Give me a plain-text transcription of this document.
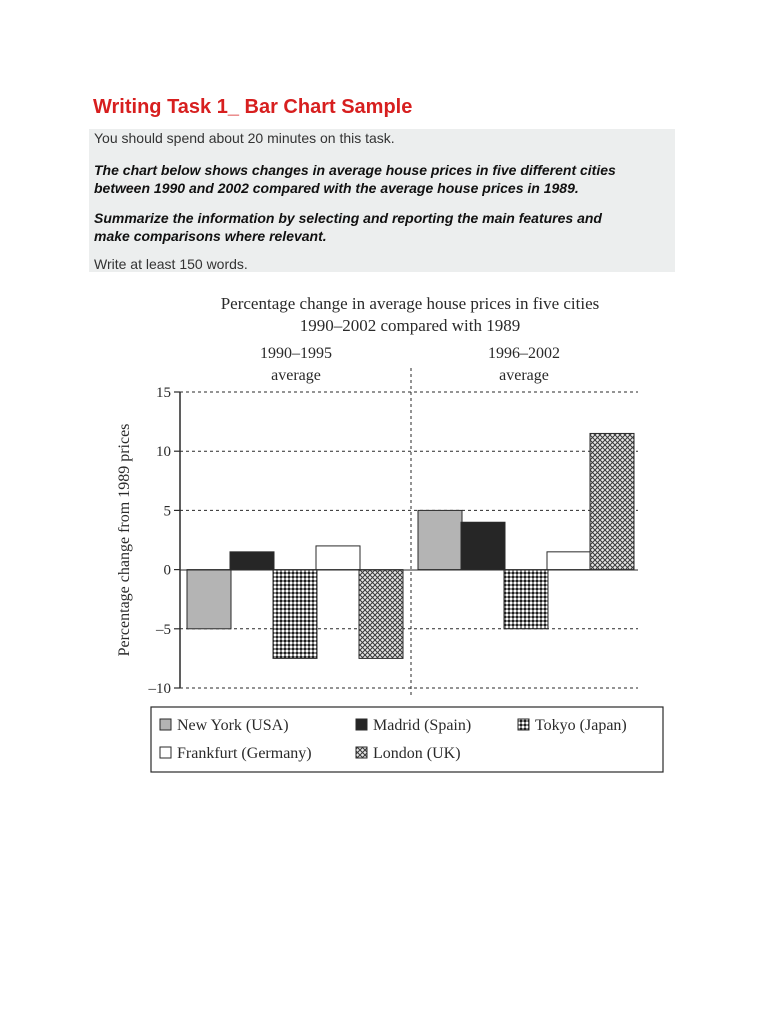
Writing Task 1_ Bar Chart Sample

You should spend about 20 minutes on this task.

The chart below shows changes in average house prices in five different cities

between 1990 and 2002 compared with the average house prices in 1989.

Summarize the information by selecting and reporting the main features and

make comparisons where relevant.

Write at least 150 words.

Percentage change in average house prices in five cities
1990–2002 compared with 1989
1990–1995
average
1996–2002
average
Percentage change from 1989 prices
15
10
5
0
–5
–10
New York (USA)	Madrid (Spain)	Tokyo (Japan)
Frankfurt (Germany)	London (UK)
